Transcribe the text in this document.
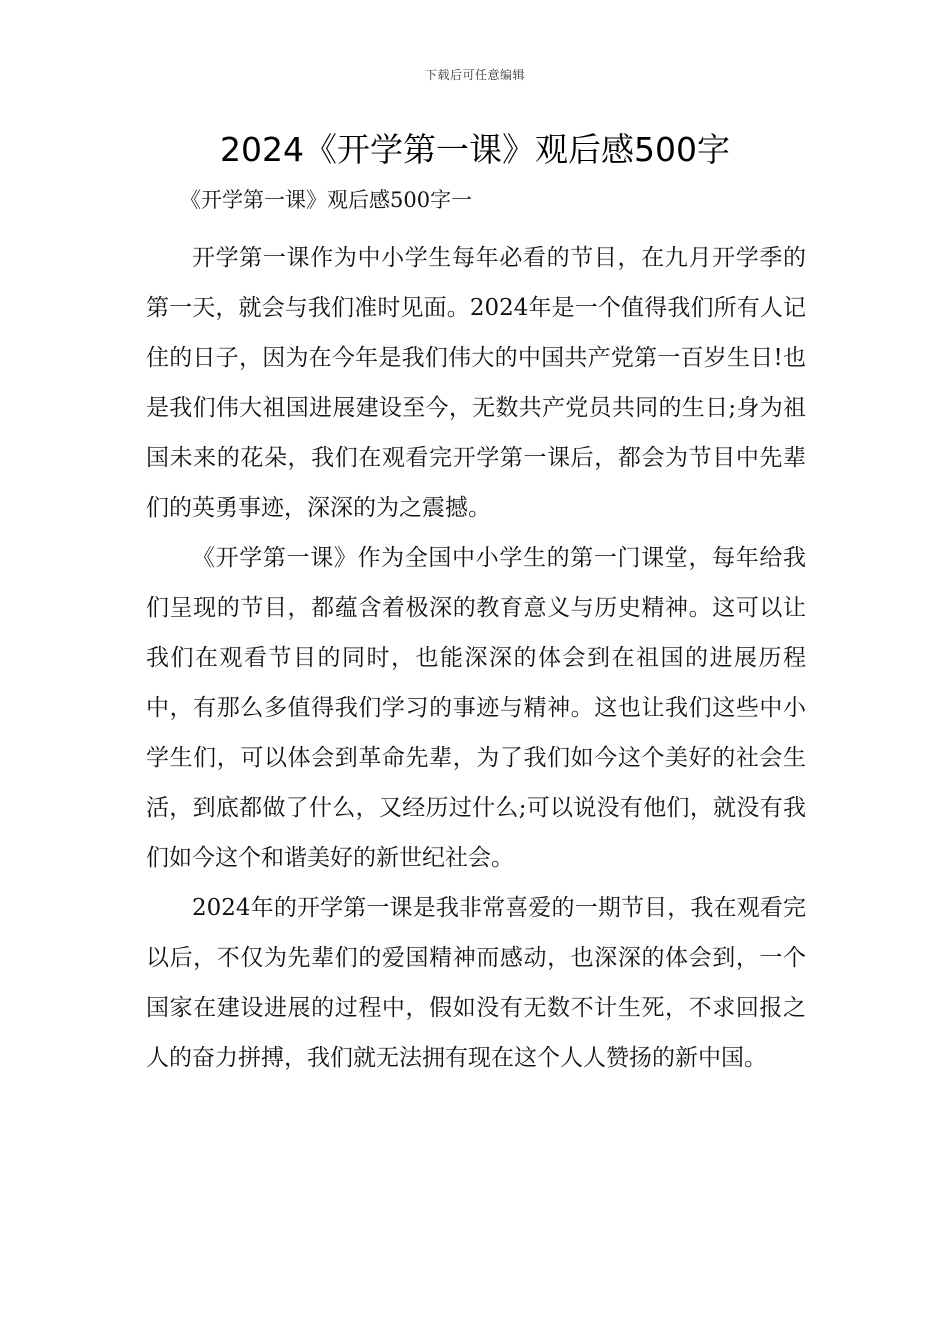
下载后可任意编辑
2024《开学第一课》观后感500字

《开学第一课》观后感500字一

开学第一课作为中小学生每年必看的节目，在九月开学季的第一天，就会与我们准时见面。2024年是一个值得我们所有人记住的日子，因为在今年是我们伟大的中国共产党第一百岁生日!也是我们伟大祖国进展建设至今，无数共产党员共同的生日;身为祖国未来的花朵，我们在观看完开学第一课后，都会为节目中先辈们的英勇事迹，深深的为之震撼。

《开学第一课》作为全国中小学生的第一门课堂，每年给我们呈现的节目，都蕴含着极深的教育意义与历史精神。这可以让我们在观看节目的同时，也能深深的体会到在祖国的进展历程中，有那么多值得我们学习的事迹与精神。这也让我们这些中小学生们，可以体会到革命先辈，为了我们如今这个美好的社会生活，到底都做了什么，又经历过什么;可以说没有他们，就没有我们如今这个和谐美好的新世纪社会。

2024年的开学第一课是我非常喜爱的一期节目，我在观看完以后，不仅为先辈们的爱国精神而感动，也深深的体会到，一个国家在建设进展的过程中，假如没有无数不计生死，不求回报之人的奋力拼搏，我们就无法拥有现在这个人人赞扬的新中国。
